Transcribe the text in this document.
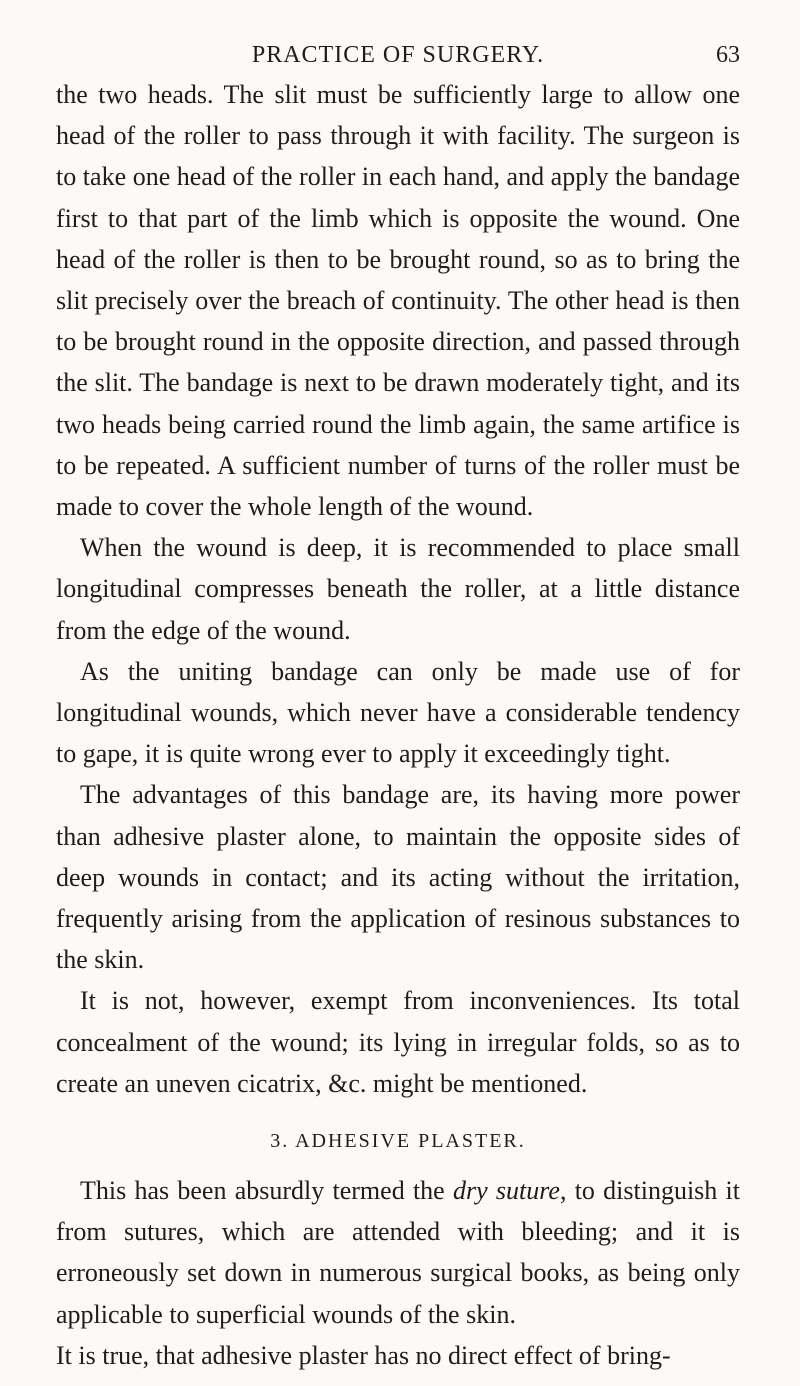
PRACTICE OF SURGERY.	63

the two heads. The slit must be sufficiently large to allow one head of the roller to pass through it with facility. The surgeon is to take one head of the roller in each hand, and apply the bandage first to that part of the limb which is opposite the wound. One head of the roller is then to be brought round, so as to bring the slit precisely over the breach of continuity. The other head is then to be brought round in the opposite direction, and passed through the slit. The bandage is next to be drawn moderately tight, and its two heads being carried round the limb again, the same artifice is to be repeated. A sufficient number of turns of the roller must be made to cover the whole length of the wound.

When the wound is deep, it is recommended to place small longitudinal compresses beneath the roller, at a little distance from the edge of the wound.

As the uniting bandage can only be made use of for longitudinal wounds, which never have a considerable tendency to gape, it is quite wrong ever to apply it exceedingly tight.

The advantages of this bandage are, its having more power than adhesive plaster alone, to maintain the opposite sides of deep wounds in contact; and its acting without the irritation, frequently arising from the application of resinous substances to the skin.

It is not, however, exempt from inconveniences. Its total concealment of the wound; its lying in irregular folds, so as to create an uneven cicatrix, &c. might be mentioned.

3. ADHESIVE PLASTER.

This has been absurdly termed the dry suture, to distinguish it from sutures, which are attended with bleeding; and it is erroneously set down in numerous surgical books, as being only applicable to superficial wounds of the skin.

It is true, that adhesive plaster has no direct effect of bring-
